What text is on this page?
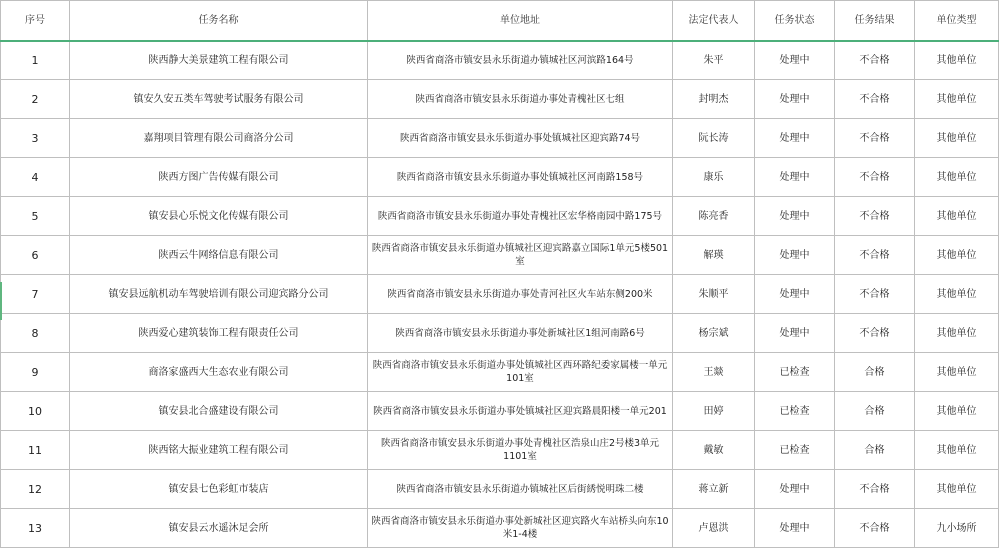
序号	任务名称	单位地址	法定代表人	任务状态	任务结果	单位类型
1	陕西静大美景建筑工程有限公司	陕西省商洛市镇安县永乐街道办镇城社区河滨路164号	朱平	处理中	不合格	其他单位
2	镇安久安五类车驾驶考试服务有限公司	陕西省商洛市镇安县永乐街道办事处青槐社区七组	封明杰	处理中	不合格	其他单位
3	嘉翔项目管理有限公司商洛分公司	陕西省商洛市镇安县永乐街道办事处镇城社区迎宾路74号	阮长涛	处理中	不合格	其他单位
4	陕西方图广告传媒有限公司	陕西省商洛市镇安县永乐街道办事处镇城社区河南路158号	康乐	处理中	不合格	其他单位
5	镇安县心乐悦文化传媒有限公司	陕西省商洛市镇安县永乐街道办事处青槐社区宏华格南园中路175号	陈亮香	处理中	不合格	其他单位
6	陕西云牛网络信息有限公司	陕西省商洛市镇安县永乐街道办镇城社区迎宾路嘉立国际1单元5楼501室	解瑛	处理中	不合格	其他单位
7	镇安县远航机动车驾驶培训有限公司迎宾路分公司	陕西省商洛市镇安县永乐街道办事处青河社区火车站东侧200米	朱顺平	处理中	不合格	其他单位
8	陕西爱心建筑装饰工程有限责任公司	陕西省商洛市镇安县永乐街道办事处新城社区1组河南路6号	杨宗斌	处理中	不合格	其他单位
9	商洛家盛西大生态农业有限公司	陕西省商洛市镇安县永乐街道办事处镇城社区西环路纪委家属楼一单元101室	王燚	已检查	合格	其他单位
10	镇安县北合盛建设有限公司	陕西省商洛市镇安县永乐街道办事处镇城社区迎宾路晨阳楼一单元201	田婷	已检查	合格	其他单位
11	陕西铭大振业建筑工程有限公司	陕西省商洛市镇安县永乐街道办事处青槐社区浩泉山庄2号楼3单元1101室	戴敏	已检查	合格	其他单位
12	镇安县七色彩虹市装店	陕西省商洛市镇安县永乐街道办镇城社区后街綉悦明珠二楼	蒋立新	处理中	不合格	其他单位
13	镇安县云水遥沐足会所	陕西省商洛市镇安县永乐街道办事处新城社区迎宾路火车站桥头向东10米1-4楼	卢恩洪	处理中	不合格	九小场所
